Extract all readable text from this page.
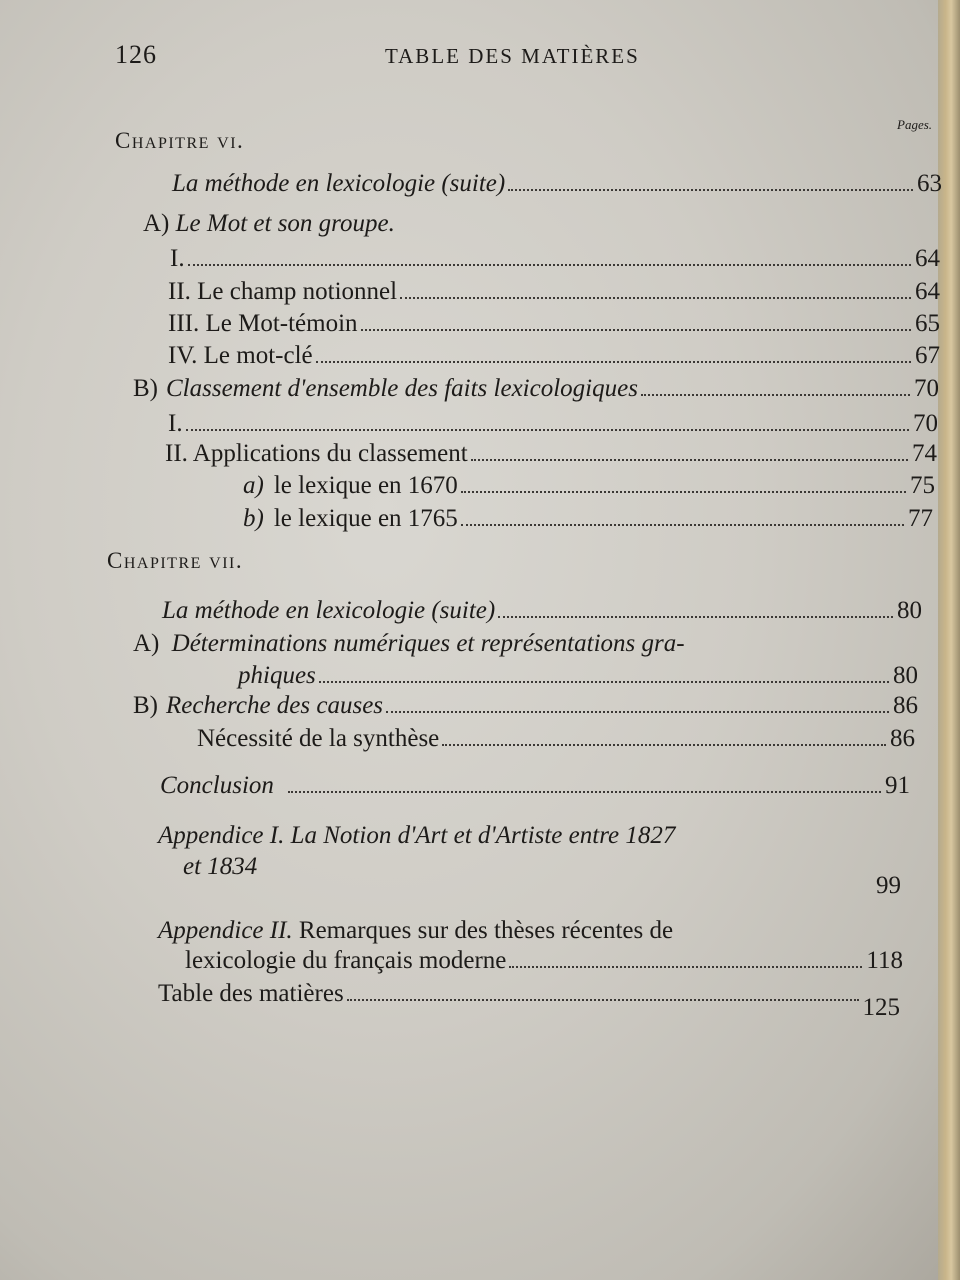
126	TABLE DES MATIÈRES
Pages.
Chapitre vi.
La méthode en lexicologie (suite)	63
A) Le Mot et son groupe.
I.	64
II. Le champ notionnel	64
III. Le Mot-témoin	65
IV. Le mot-clé	67
B) Classement d'ensemble des faits lexicologiques	70
I.	70
II. Applications du classement	74
a) le lexique en 1670	75
b) le lexique en 1765	77
Chapitre vii.
La méthode en lexicologie (suite)	80
A) Déterminations numériques et représentations gra-
phiques	80
B) Recherche des causes	86
Nécessité de la synthèse	86
Conclusion	91
Appendice I. La Notion d'Art et d'Artiste entre 1827
et 1834
99
Appendice II. Remarques sur des thèses récentes de
lexicologie du français moderne	118
Table des matières
125
